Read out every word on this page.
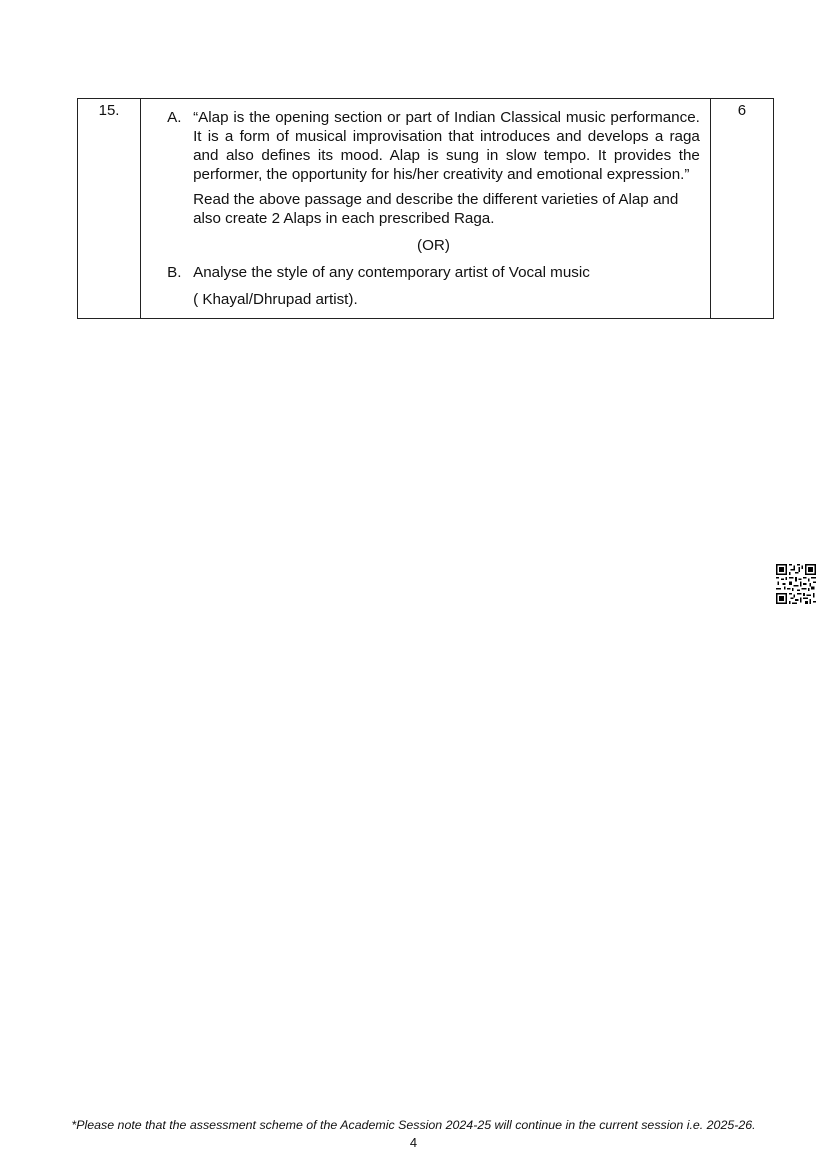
15.	A. “Alap is the opening section or part of Indian Classical music performance. It is a form of musical improvisation that introduces and develops a raga and also defines its mood. Alap is sung in slow tempo. It provides the performer, the opportunity for his/her creativity and emotional expression.”

Read the above passage and describe the different varieties of Alap and also create 2 Alaps in each prescribed Raga.

(OR)
B. Analyse the style of any contemporary artist of Vocal music
( Khayal/Dhrupad artist).
	6
*Please note that the assessment scheme of the Academic Session 2024-25 will continue in the current session i.e. 2025-26.
4
